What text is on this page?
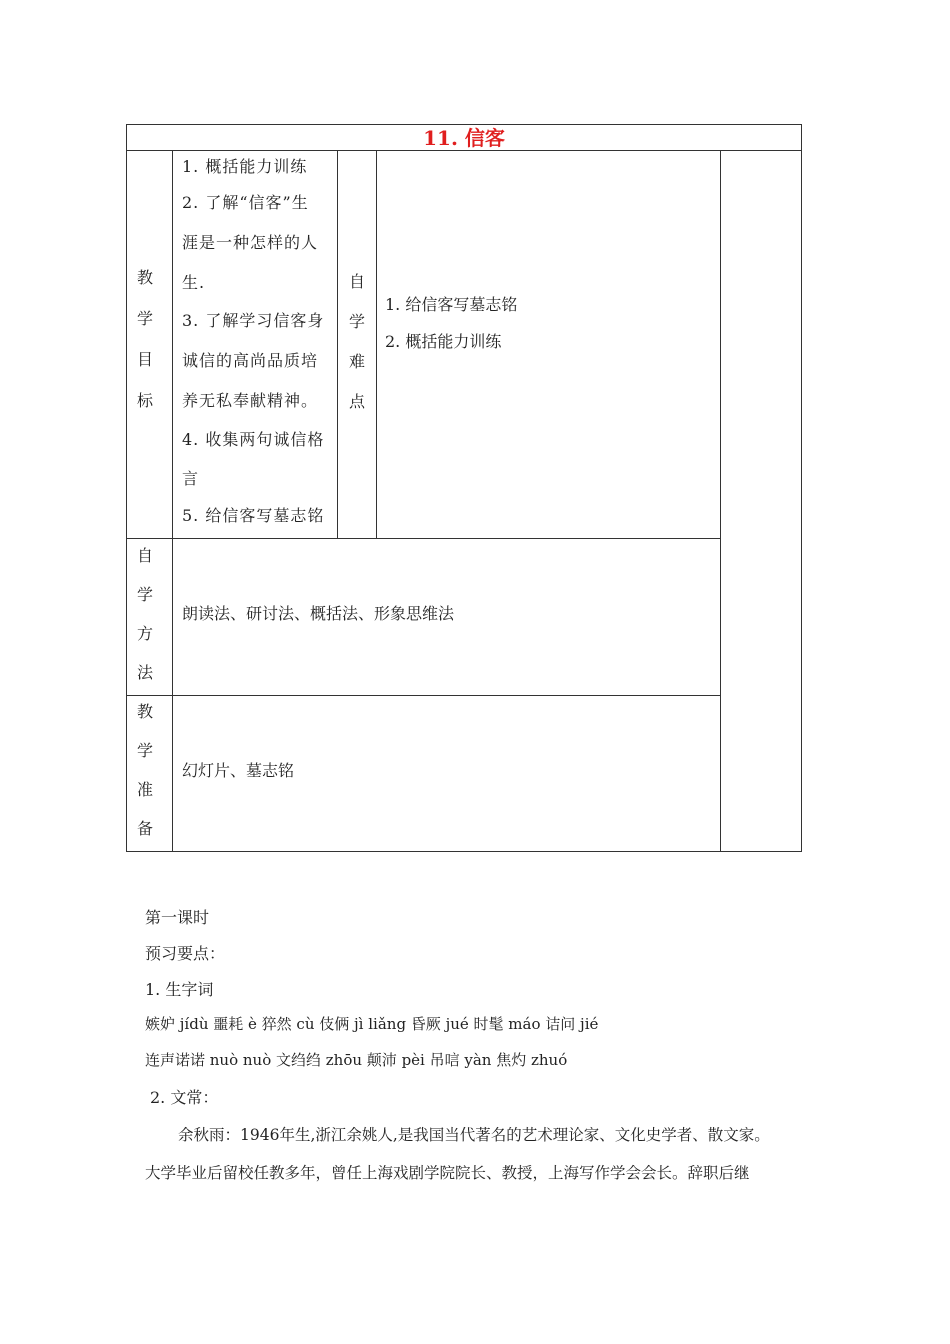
11. 信客
教
学
目
标
1. 概括能力训练
2. 了解“信客”生
涯是一种怎样的人
生.
3. 了解学习信客身
诚信的高尚品质培
养无私奉献精神。
4. 收集两句诚信格
言
5. 给信客写墓志铭
自
学
难
点
1. 给信客写墓志铭
2. 概括能力训练
自
学
方
法
朗读法、研讨法、概括法、形象思维法
教
学
准
备
幻灯片、墓志铭
第一课时
预习要点：
1. 生字词
嫉妒 jídù 噩耗 è 猝然 cù 伎俩 jì liǎng 昏厥 jué 时髦 máo 诘问 jié
连声诺诺 nuò nuò 文绉绉 zhōu 颠沛 pèi 吊唁 yàn 焦灼 zhuó
2. 文常：
余秋雨：1946年生,浙江余姚人,是我国当代著名的艺术理论家、文化史学者、散文家。
大学毕业后留校任教多年，曾任上海戏剧学院院长、教授，上海写作学会会长。辞职后继
